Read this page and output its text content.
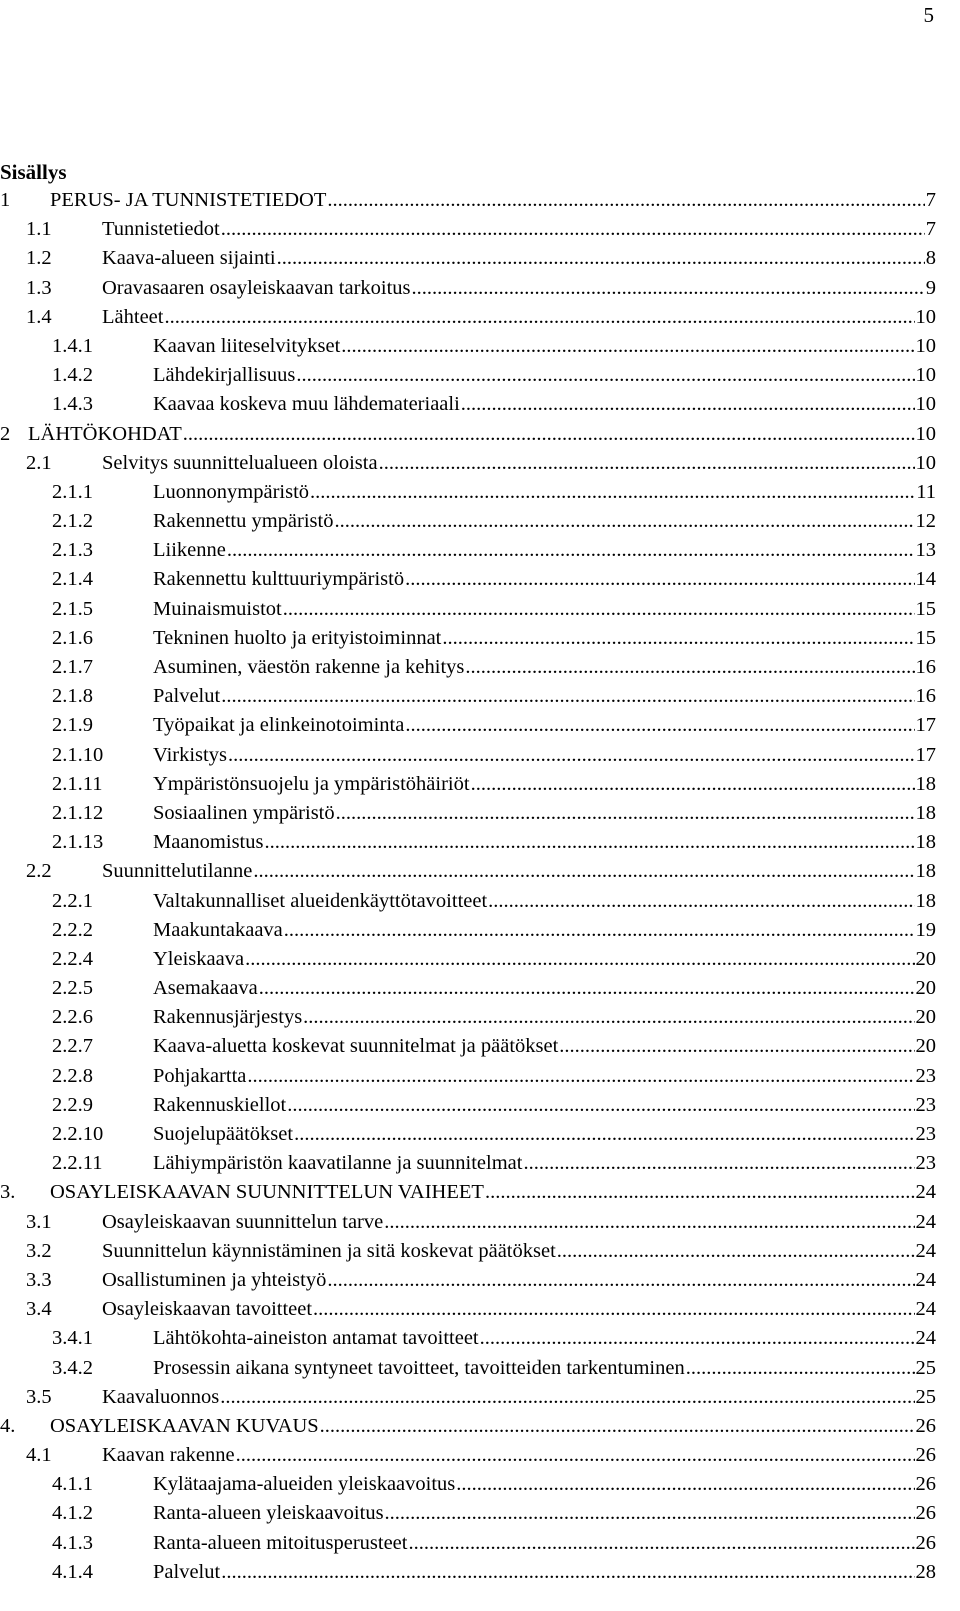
5
Sisällys
1 PERUS- JA TUNNISTETIEDOT .....	7
1.1 Tunnistetiedot .....	7
1.2 Kaava-alueen sijainti .....	8
1.3 Oravasaaren osayleiskaavan tarkoitus .....	9
1.4 Lähteet .....	10
1.4.1	Kaavan liiteselvitykset .....	10
1.4.2	Lähdekirjallisuus .....	10
1.4.3	Kaavaa koskeva muu lähdemateriaali .....	10
2 LÄHTÖKOHDAT .....	10
2.1 Selvitys suunnittelualueen oloista .....	10
2.1.1	Luonnonympäristö .....	11
2.1.2	Rakennettu ympäristö .....	12
2.1.3	Liikenne .....	13
2.1.4	Rakennettu kulttuuriympäristö .....	14
2.1.5	Muinaismuistot .....	15
2.1.6	Tekninen huolto ja erityistoiminnat .....	15
2.1.7	Asuminen, väestön rakenne ja kehitys .....	16
2.1.8	Palvelut .....	16
2.1.9	Työpaikat ja elinkeinotoiminta .....	17
2.1.10 Virkistys .....	17
2.1.11 Ympäristönsuojelu ja ympäristöhäiriöt .....	18
2.1.12 Sosiaalinen ympäristö .....	18
2.1.13 Maanomistus .....	18
2.2 Suunnittelutilanne .....	18
2.2.1	Valtakunnalliset alueidenkäyttötavoitteet .....	18
2.2.2	Maakuntakaava .....	19
2.2.4	Yleiskaava .....	20
2.2.5	Asemakaava .....	20
2.2.6	Rakennusjärjestys .....	20
2.2.7	Kaava-aluetta koskevat suunnitelmat ja päätökset .....	20
2.2.8	Pohjakartta .....	23
2.2.9	Rakennuskiellot .....	23
2.2.10 Suojelupäätökset .....	23
2.2.11 Lähiympäristön kaavatilanne ja suunnitelmat .....	23
3. OSAYLEISKAAVAN SUUNNITTELUN VAIHEET .....	24
3.1 Osayleiskaavan suunnittelun tarve .....	24
3.2 Suunnittelun käynnistäminen ja sitä koskevat päätökset .....	24
3.3 Osallistuminen ja yhteistyö .....	24
3.4 Osayleiskaavan tavoitteet .....	24
3.4.1	Lähtökohta-aineiston antamat tavoitteet .....	24
3.4.2	Prosessin aikana syntyneet tavoitteet, tavoitteiden tarkentuminen .....	25
3.5 Kaavaluonnos .....	25
4. OSAYLEISKAAVAN KUVAUS .....	26
4.1 Kaavan rakenne .....	26
4.1.1	Kylätaajama-alueiden yleiskaavoitus .....	26
4.1.2	Ranta-alueen yleiskaavoitus .....	26
4.1.3	Ranta-alueen mitoitusperusteet .....	26
4.1.4	Palvelut .....	28
